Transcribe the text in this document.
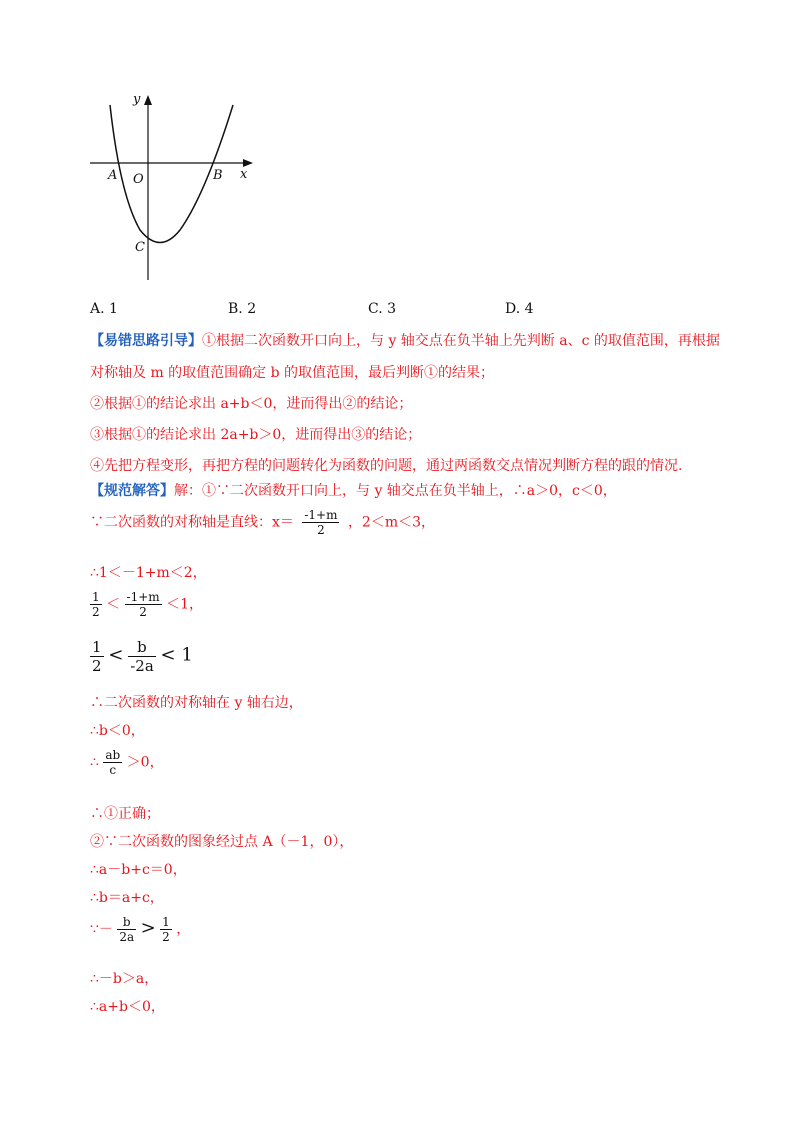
y
x
A O	B
C
A. 1	B. 2	C. 3	D. 4
【易错思路引导】①根据二次函数开口向上，与 y 轴交点在负半轴上先判断 a、c 的取值范围，再根据
对称轴及 m 的取值范围确定 b 的取值范围，最后判断①的结果；
②根据①的结论求出 a+b＜0，进而得出②的结论；
③根据①的结论求出 2a+b＞0，进而得出③的结论；
④先把方程变形，再把方程的问题转化为函数的问题，通过两函数交点情况判断方程的跟的情况.
【规范解答】解：①∵二次函数开口向上，与 y 轴交点在负半轴上，∴a＞0，c＜0，
∵二次函数的对称轴是直线：$x= \frac{-1+m}{2}$ ，2＜m＜3，
∴1＜－1+m＜2，
$\frac{1}{2} < \frac{-1+m}{2} <1$，
$\frac{1}{2} < \frac{b}{-2a} < 1$
∴二次函数的对称轴在 y 轴右边，
∴b＜0，
∴ $\frac{ab}{c} >0$，
∴①正确；
②∵二次函数的图象经过点 A（－1，0），
∴a－b+c＝0，
∴b＝a+c，
∵－ $\frac{b}{2a} > \frac{1}{2}$ ，
∴－b＞a，
∴a+b＜0，
